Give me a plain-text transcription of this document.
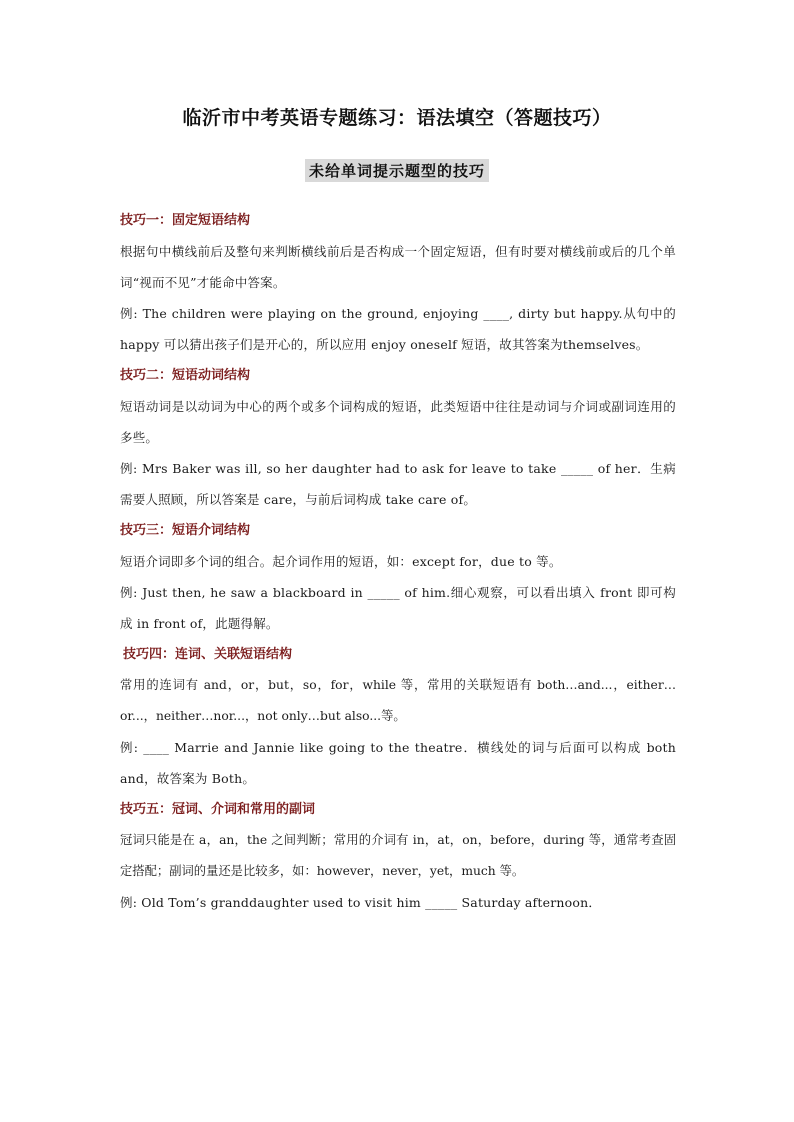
临沂市中考英语专题练习：语法填空（答题技巧）
未给单词提示题型的技巧
技巧一：固定短语结构

根据句中横线前后及整句来判断横线前后是否构成一个固定短语，但有时要对横线前或后的几个单词“视而不见”才能命中答案。

例: The children were playing on the ground, enjoying ____, dirty but happy.从句中的happy 可以猜出孩子们是开心的，所以应用 enjoy oneself 短语，故其答案为themselves。

技巧二：短语动词结构

短语动词是以动词为中心的两个或多个词构成的短语，此类短语中往往是动词与介词或副词连用的多些。

例: Mrs Baker was ill, so her daughter had to ask for leave to take _____ of her．生病需要人照顾，所以答案是 care，与前后词构成 take care of。

技巧三：短语介词结构

短语介词即多个词的组合。起介词作用的短语，如：except for，due to 等。

例: Just then, he saw a blackboard in _____ of him.细心观察，可以看出填入 front 即可构成 in front of，此题得解。

技巧四：连词、关联短语结构

常用的连词有 and，or，but，so，for，while 等，常用的关联短语有 both…and...，either…or...，neither…nor...，not only…but also...等。

例: ____ Marrie and Jannie like going to the theatre．横线处的词与后面可以构成 both and，故答案为 Both。

技巧五：冠词、介词和常用的副词

冠词只能是在 a，an，the 之间判断；常用的介词有 in，at，on，before，during 等，通常考查固定搭配；副词的量还是比较多，如：however，never，yet，much 等。

例: Old Tom’s granddaughter used to visit him _____ Saturday afternoon．
